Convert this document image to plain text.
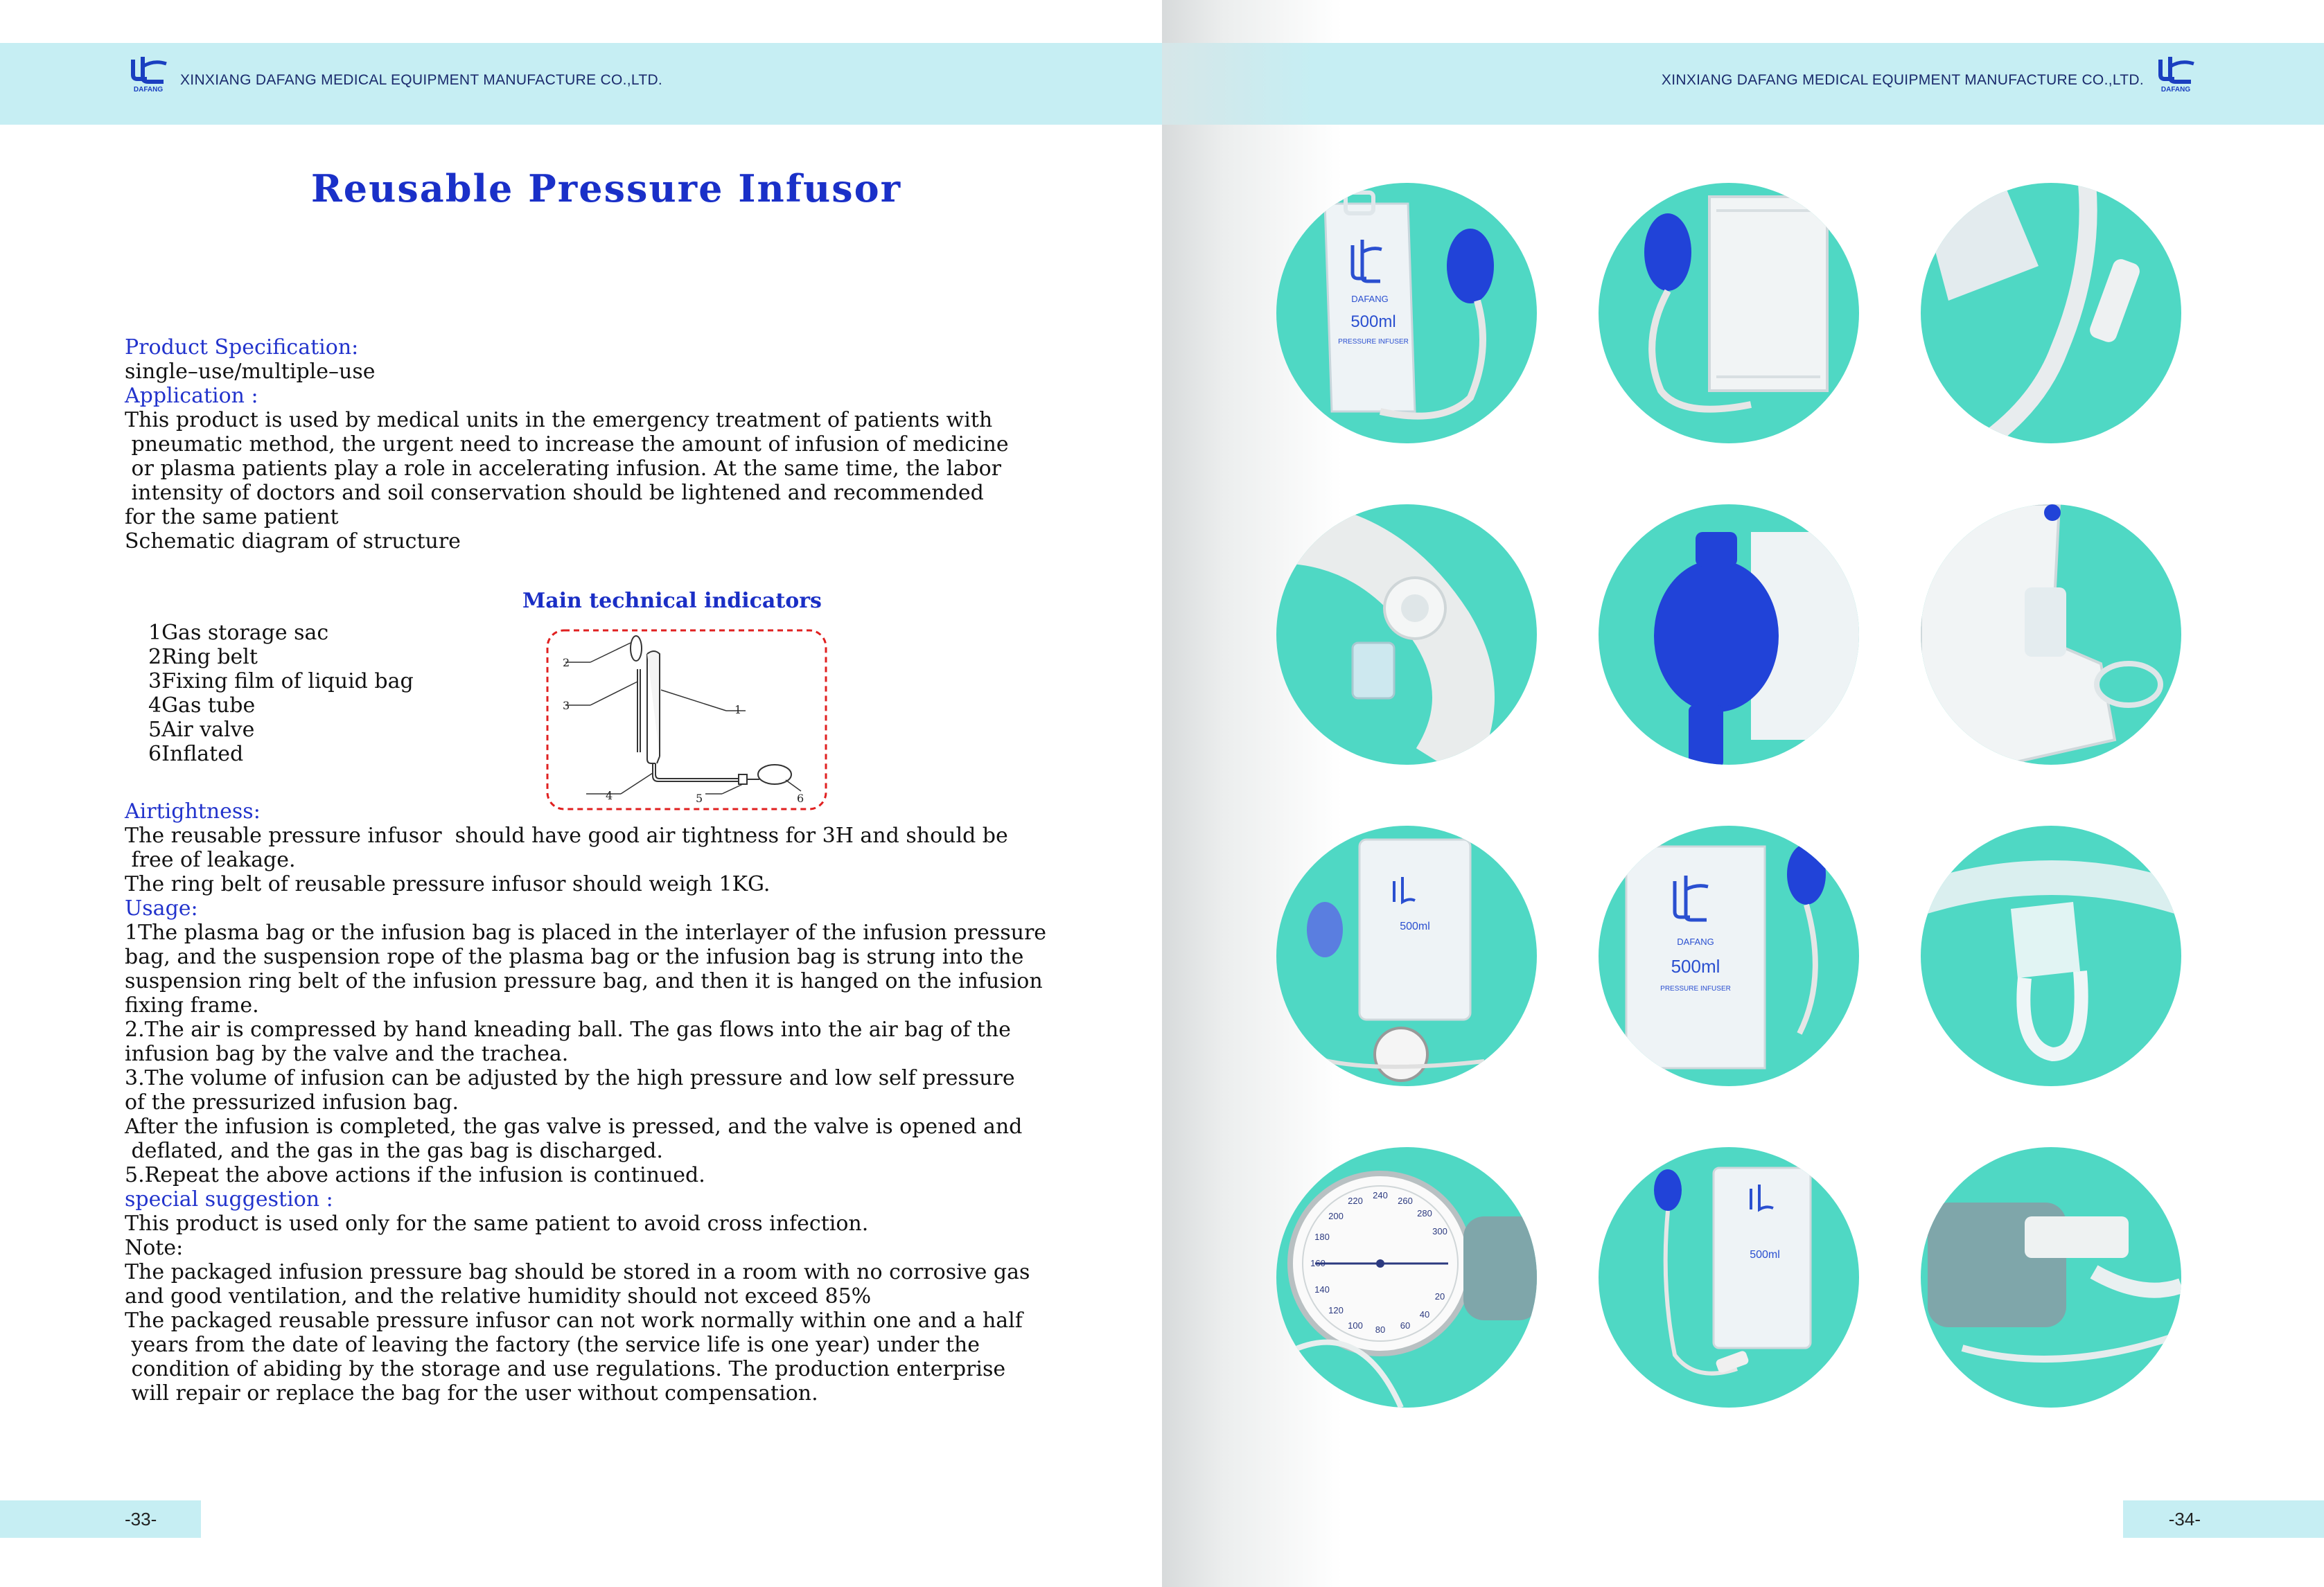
DAFANG
XINXIANG DAFANG MEDICAL EQUIPMENT MANUFACTURE CO.,LTD.
Reusable Pressure Infusor
Product Specification:
single–use/multiple–use
Application :
This product is used by medical units in the emergency treatment of patients with
pneumatic method, the urgent need to increase the amount of infusion of medicine
or plasma patients play a role in accelerating infusion. At the same time, the labor
intensity of doctors and soil conservation should be lightened and recommended
for the same patient
Schematic diagram of structure
Main technical indicators
1Gas storage sac
2Ring belt
3Fixing film of liquid bag
4Gas tube
5Air valve
6Inflated
2
3	1
4	5	6
Airtightness:
The reusable pressure infusor  should have good air tightness for 3H and should be
free of leakage.
The ring belt of reusable pressure infusor should weigh 1KG.
Usage:
1The plasma bag or the infusion bag is placed in the interlayer of the infusion pressure
bag, and the suspension rope of the plasma bag or the infusion bag is strung into the
suspension ring belt of the infusion pressure bag, and then it is hanged on the infusion
fixing frame.
2.The air is compressed by hand kneading ball. The gas flows into the air bag of the
infusion bag by the valve and the trachea.
3.The volume of infusion can be adjusted by the high pressure and low self pressure
of the pressurized infusion bag.
After the infusion is completed, the gas valve is pressed, and the valve is opened and
deflated, and the gas in the gas bag is discharged.
5.Repeat the above actions if the infusion is continued.
special suggestion :
This product is used only for the same patient to avoid cross infection.
Note:
The packaged infusion pressure bag should be stored in a room with no corrosive gas
and good ventilation, and the relative humidity should not exceed 85%
The packaged reusable pressure infusor can not work normally within one and a half
years from the date of leaving the factory (the service life is one year) under the
condition of abiding by the storage and use regulations. The production enterprise
will repair or replace the bag for the user without compensation.
-33-
XINXIANG DAFANG MEDICAL EQUIPMENT MANUFACTURE CO.,LTD.
DAFANG
DAFANG
500ml
PRESSURE INFUSER
500ml
DAFANG
500ml
PRESSURE INFUSER
20
40
60
80
100
120
140
160
180
200
220
240
260
280
300
500ml
-34-
